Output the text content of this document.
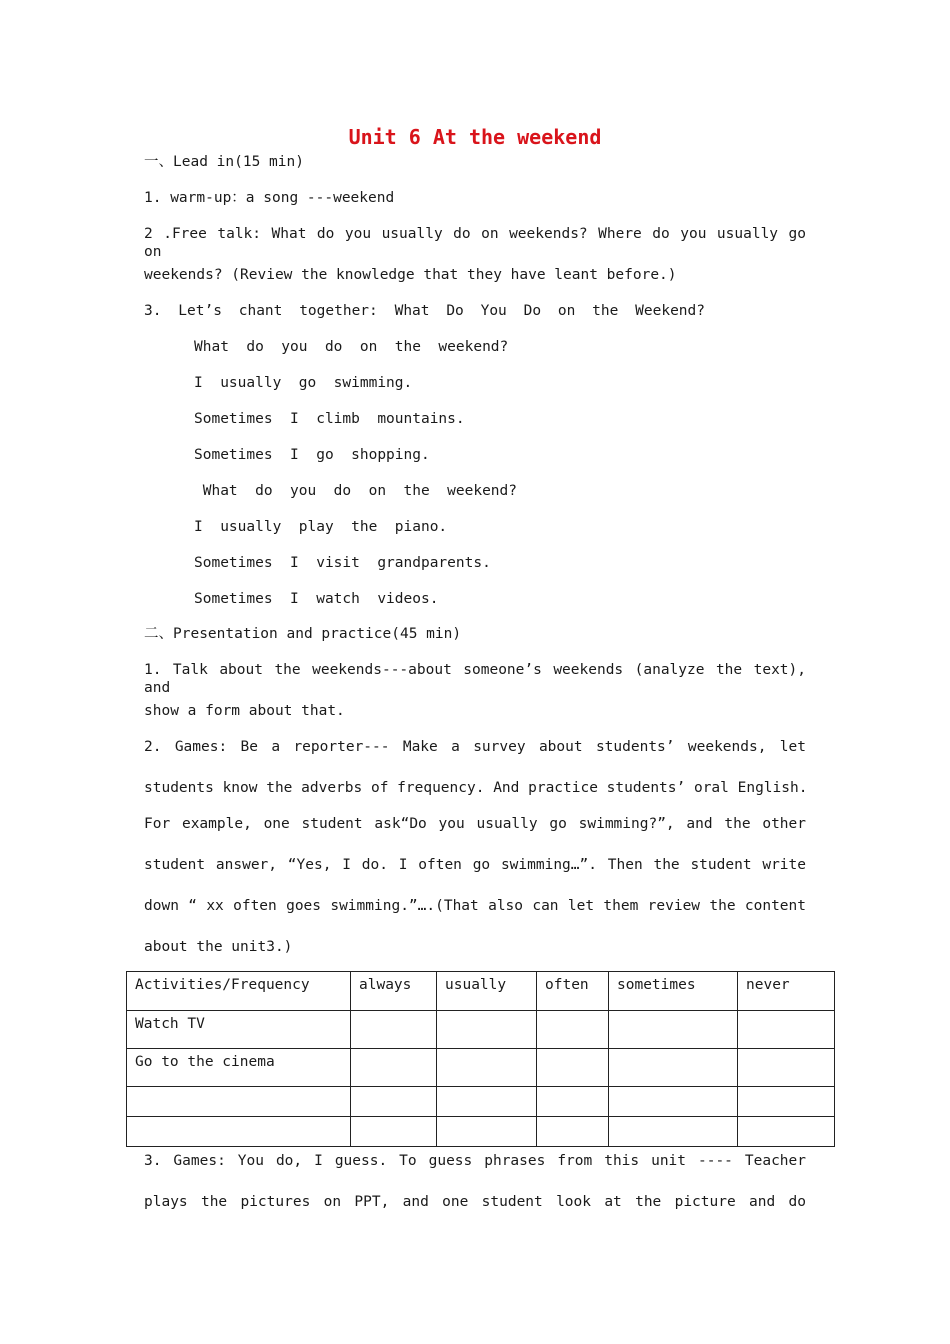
Unit 6 At the weekend
一、Lead in(15 min)
1. warm-up：a song ---weekend
2 .Free talk: What do you usually do on weekends? Where do you usually go on
weekends? (Review the knowledge that they have leant before.)
3. Let’s chant together: What Do You Do on the Weekend?
What  do  you  do  on  the  weekend?
I  usually  go  swimming.
Sometimes  I  climb  mountains.
Sometimes  I  go  shopping.
What  do  you  do  on  the  weekend?
I  usually  play  the  piano.
Sometimes  I  visit  grandparents.
Sometimes  I  watch  videos.
二、Presentation and practice(45 min)
1. Talk about the weekends---about someone’s weekends (analyze the text), and
show a form about that.
2. Games: Be a reporter--- Make a survey about students’ weekends, let
students know the adverbs of frequency. And practice students’ oral English.
For example, one student ask“Do you usually go swimming?”, and the other
student answer, “Yes, I do. I often go swimming…”. Then the student write
down “ xx often goes swimming.”….(That also can let them review the content
about the unit3.)
Activities/Frequency	always	usually	often	sometimes	never
Watch TV					
Go to the cinema					

3. Games: You do, I guess. To guess phrases from this unit ---- Teacher
plays the pictures on PPT, and one student look at the picture and do
